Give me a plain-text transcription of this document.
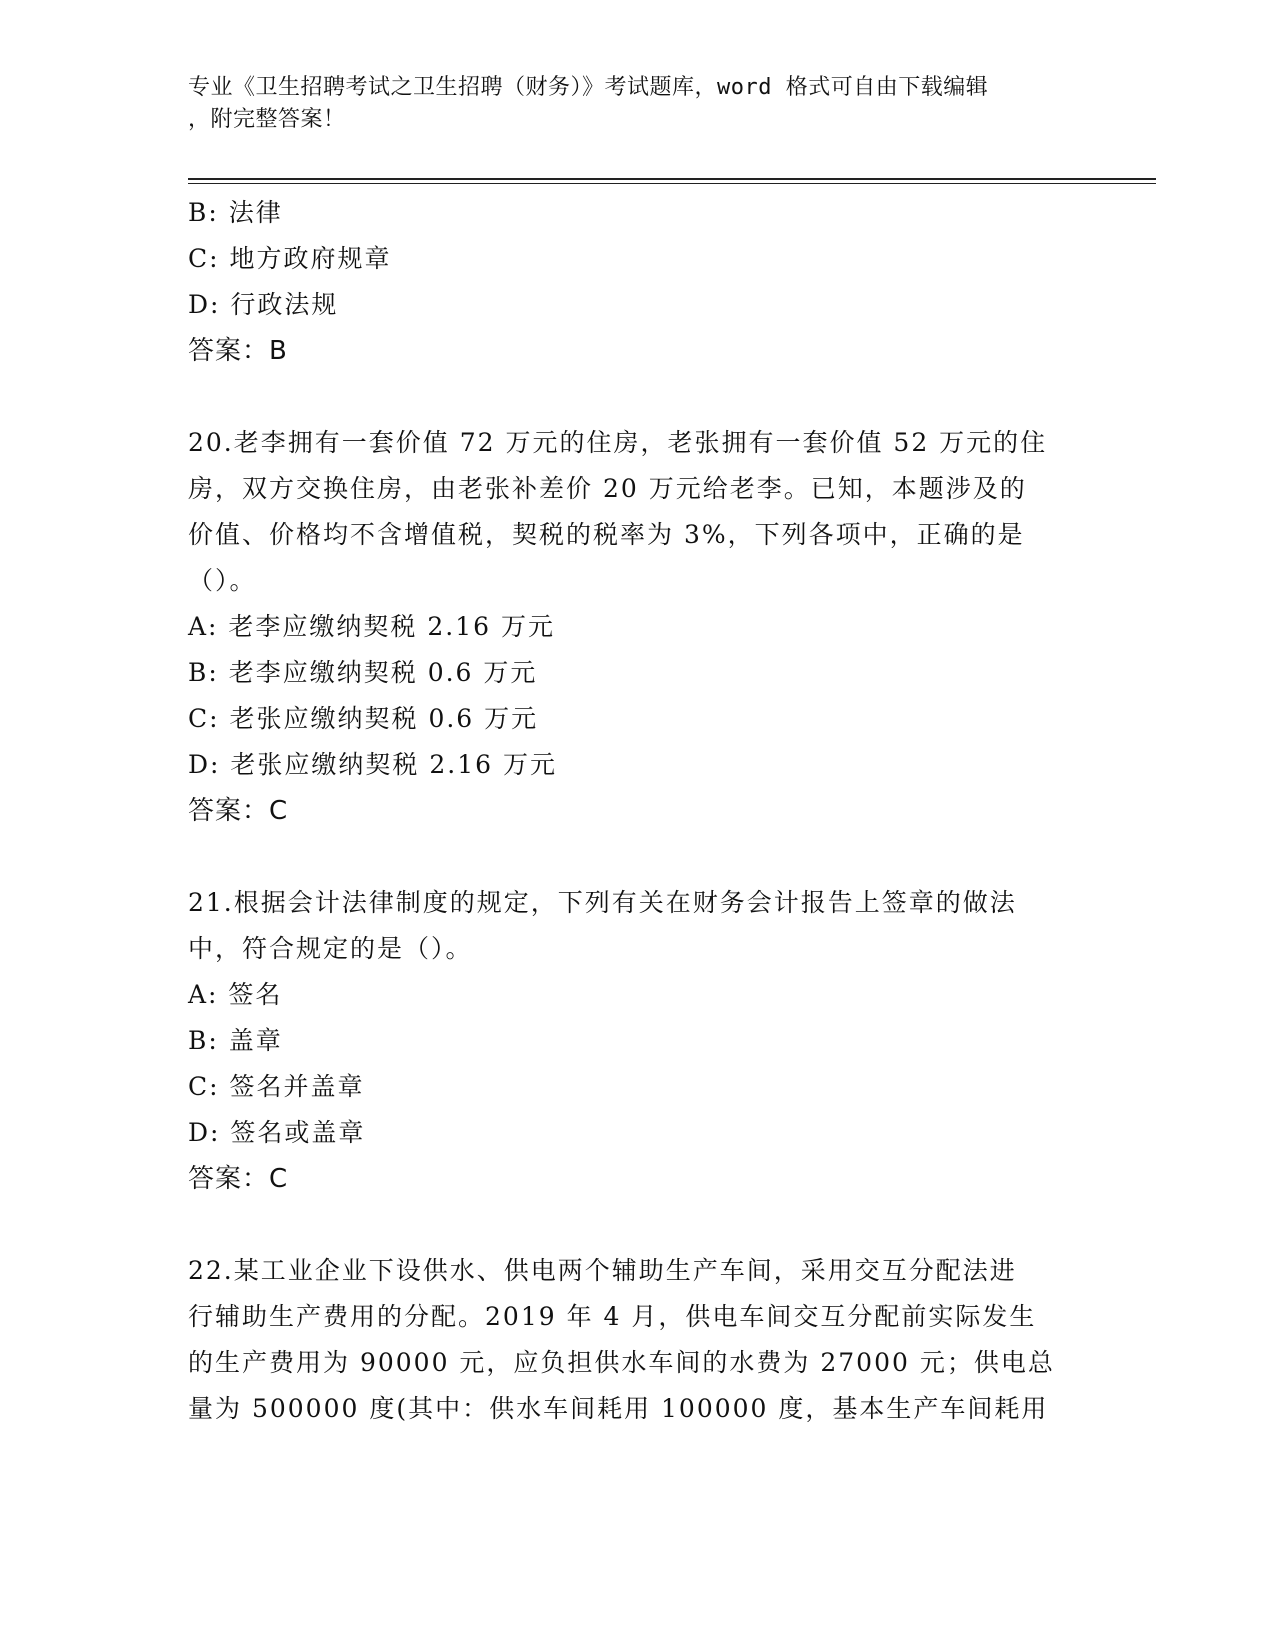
专业《卫生招聘考试之卫生招聘（财务）》考试题库，word 格式可自由下载编辑
，附完整答案！
B: 法律
C: 地方政府规章
D: 行政法规
答案：B
20.老李拥有一套价值 72 万元的住房，老张拥有一套价值 52 万元的住
房，双方交换住房，由老张补差价 20 万元给老李。已知，本题涉及的
价值、价格均不含增值税，契税的税率为 3%，下列各项中，正确的是
（）。
A: 老李应缴纳契税 2.16 万元
B: 老李应缴纳契税 0.6 万元
C: 老张应缴纳契税 0.6 万元
D: 老张应缴纳契税 2.16 万元
答案：C
21.根据会计法律制度的规定，下列有关在财务会计报告上签章的做法
中，符合规定的是（）。
A: 签名
B: 盖章
C: 签名并盖章
D: 签名或盖章
答案：C
22.某工业企业下设供水、供电两个辅助生产车间，采用交互分配法进
行辅助生产费用的分配。2019 年 4 月，供电车间交互分配前实际发生
的生产费用为 90000 元，应负担供水车间的水费为 27000 元；供电总
量为 500000 度(其中：供水车间耗用 100000 度，基本生产车间耗用
